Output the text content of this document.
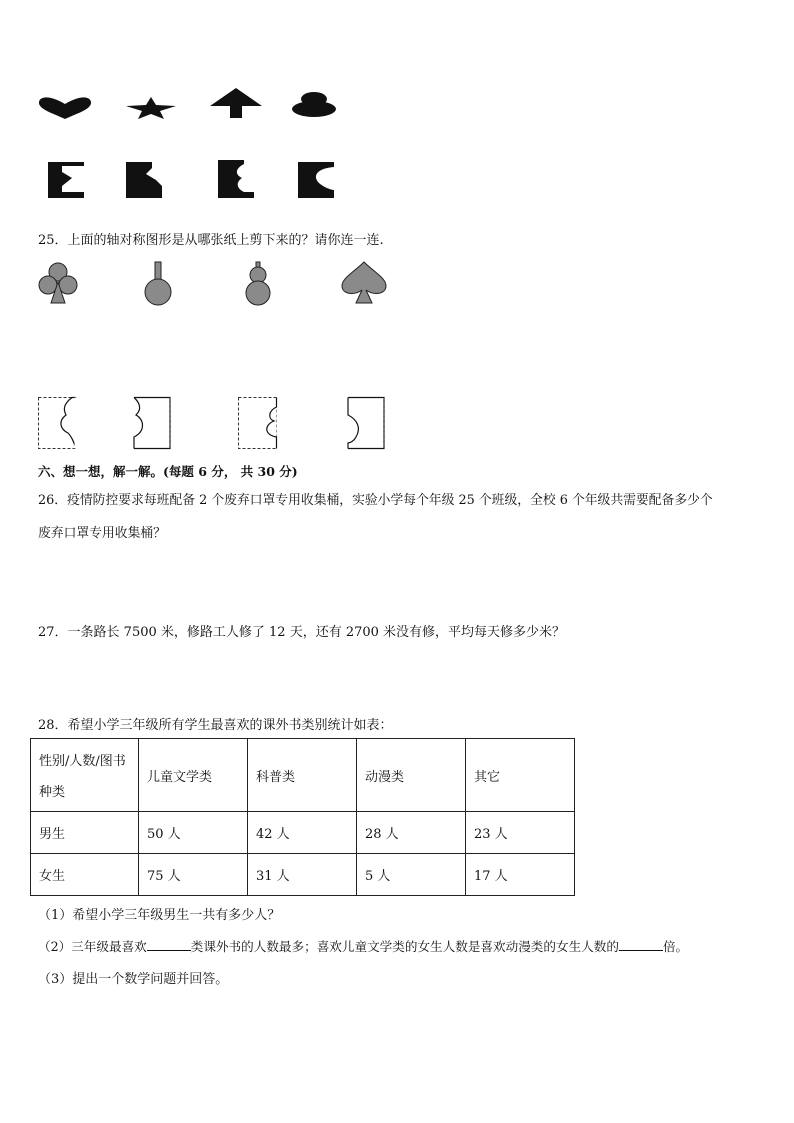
25．上面的轴对称图形是从哪张纸上剪下来的？请你连一连.
六、想一想，解一解。(每题 6 分， 共 30 分)
26．疫情防控要求每班配备 2 个废弃口罩专用收集桶，实验小学每个年级 25 个班级，全校 6 个年级共需要配备多少个
废弃口罩专用收集桶？
27．一条路长 7500 米，修路工人修了 12 天，还有 2700 米没有修，平均每天修多少米？
28．希望小学三年级所有学生最喜欢的课外书类别统计如表：
性别/人数/图书
种类	儿童文学类	科普类	动漫类	其它
男生	50 人	42 人	28 人	23 人
女生	75 人	31 人	5 人	17 人
（1）希望小学三年级男生一共有多少人？
（2）三年级最喜欢	类课外书的人数最多；喜欢儿童文学类的女生人数是喜欢动漫类的女生人数的	倍。
（3）提出一个数学问题并回答。
